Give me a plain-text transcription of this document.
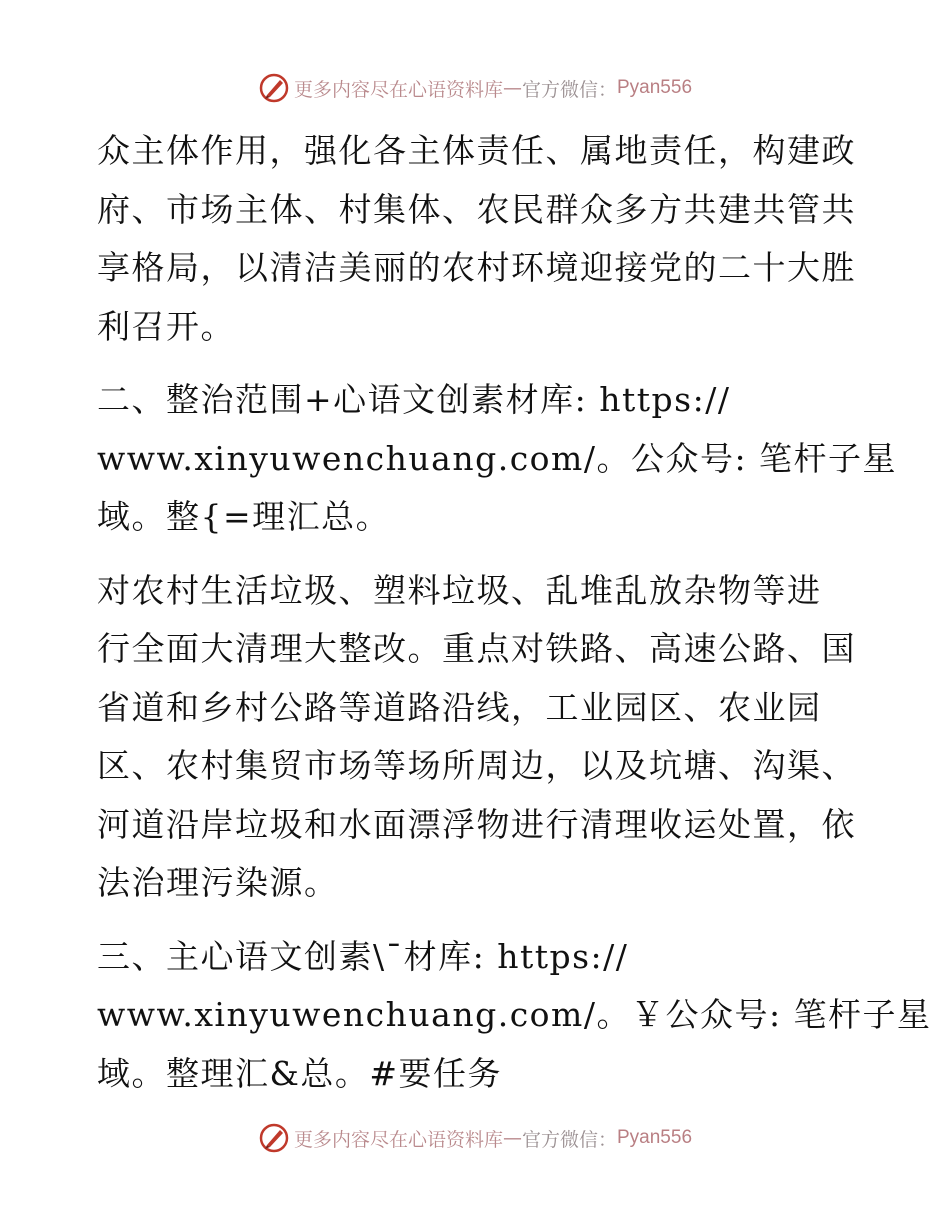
更多内容尽在心语资料库 — 官方微信： Pyan556
众主体作用，强化各主体责任、属地责任，构建政
府、市场主体、村集体、农民群众多方共建共管共
享格局，以清洁美丽的农村环境迎接党的二十大胜
利召开。
二、整治范围+心语文创素材库: https://
www.xinyuwenchuang.com/。公众号: 笔杆子星
域。整{=理汇总。
对农村生活垃圾、塑料垃圾、乱堆乱放杂物等进
行全面大清理大整改。重点对铁路、高速公路、国
省道和乡村公路等道路沿线，工业园区、农业园
区、农村集贸市场等场所周边，以及坑塘、沟渠、
河道沿岸垃圾和水面漂浮物进行清理收运处置，依
法治理污染源。
三、主心语文创素\¯材库: https://
www.xinyuwenchuang.com/。￥公众号: 笔杆子星
域。整理汇&总。#要任务
更多内容尽在心语资料库 — 官方微信： Pyan556
